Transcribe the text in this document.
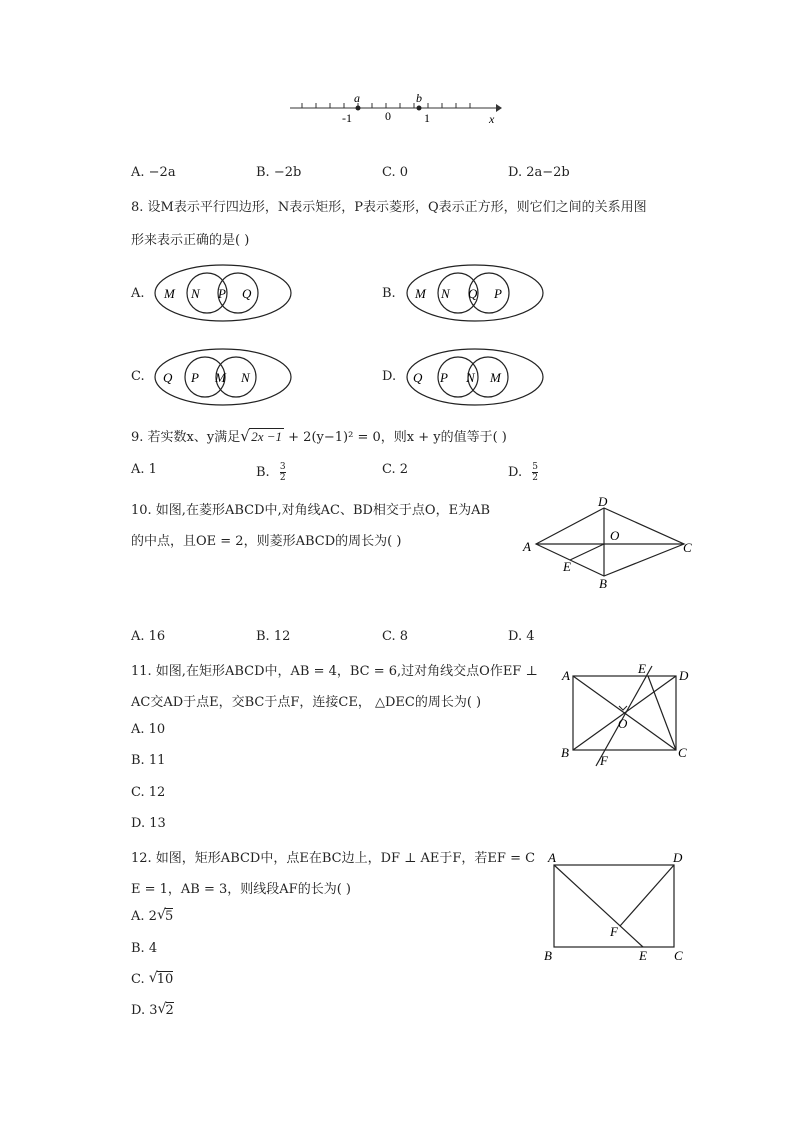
a	b
-1	0	1	x
A. −2a	B. −2b	C. 0	D. 2a−2b
8. 设M表示平行四边形，N表示矩形，P表示菱形，Q表示正方形，则它们之间的关系用图
形来表示正确的是( )
A. M N P Q	B. M N Q P
C. Q P M N	D. Q P N M
9. 若实数x、y满足 √ 2x −1 + 2(y−1)² = 0，则x + y的值等于( )
A. 1	B. $\frac{3}{2}$	C. 2	D. $\frac{5}{2}$
10. 如图,在菱形ABCD中,对角线AC、BD相交于点O，E为AB
的中点，且OE = 2，则菱形ABCD的周长为( )
D
O
A	C
E
B
A. 16	B. 12	C. 8	D. 4
11. 如图,在矩形ABCD中，AB = 4，BC = 6,过对角线交点O作EF ⊥
AC交AD于点E，交BC于点F，连接CE， △DEC的周长为( )
A	E	D
O
B	C
F
A. 10
B. 11
C. 12
D. 13
12. 如图，矩形ABCD中，点E在BC边上，DF ⊥ AE于F，若EF = C
E = 1，AB = 3，则线段AF的长为( )
A	D
F
B	E C
A. 2 √ 5
B. 4
C. √ 10
D. 3 √ 2
